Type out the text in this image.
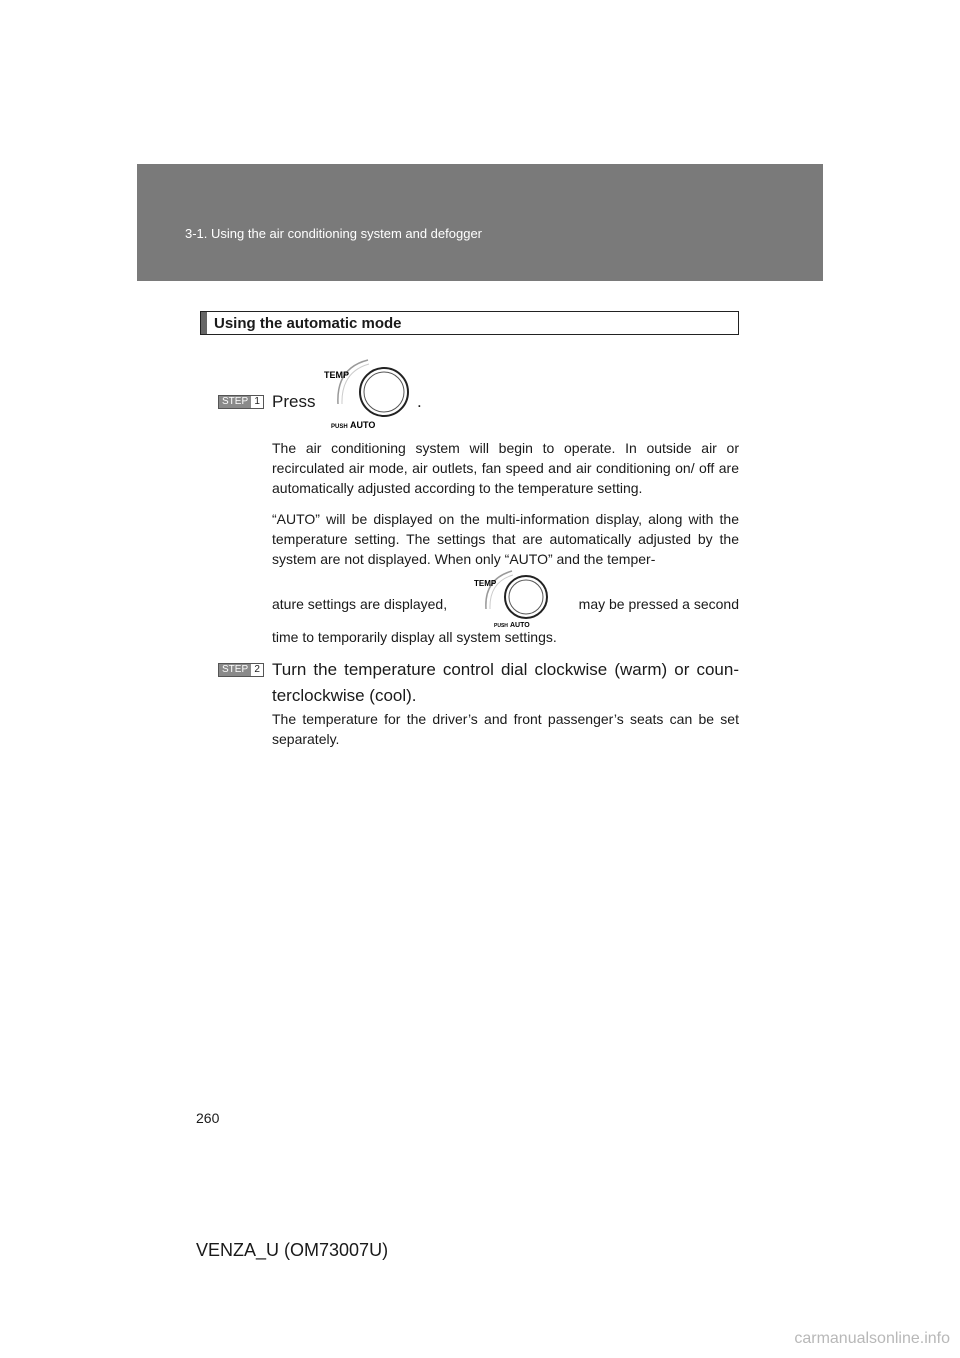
3-1. Using the air conditioning system and defogger
Using the automatic mode
STEP 1 Press
TEMP
PUSH AUTO
.

The air conditioning system will begin to operate. In outside air or recirculated air mode, air outlets, fan speed and air conditioning on/ off are automatically adjusted according to the temperature setting.

“AUTO” will be displayed on the multi-information display, along with the temperature setting. The settings that are automatically adjusted by the system are not displayed. When only “AUTO” and the temper-

ature settings are displayed,
TEMP
PUSH AUTO
may be pressed a second
time to temporarily display all system settings.
STEP 2 Turn the temperature control dial clockwise (warm) or coun-
terclockwise (cool).

The temperature for the driver’s and front passenger’s seats can be set separately.

260
VENZA_U (OM73007U)
carmanualsonline.info
